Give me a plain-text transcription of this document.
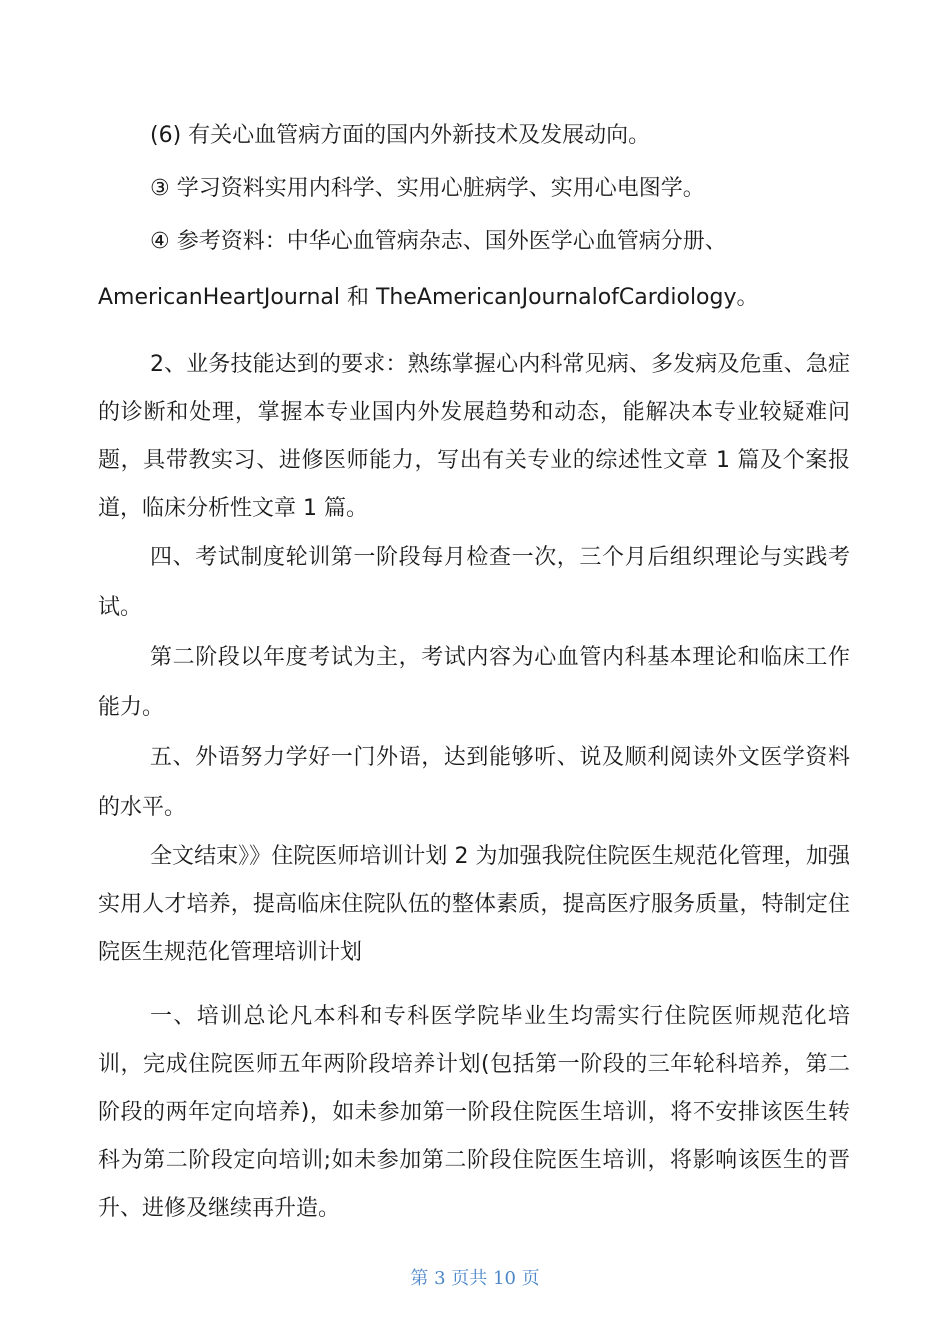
(6) 有关心血管病方面的国内外新技术及发展动向。

③ 学习资料实用内科学、实用心脏病学、实用心电图学。

④ 参考资料：中华心血管病杂志、国外医学心血管病分册、

AmericanHeartJournal 和 TheAmericanJournalofCardiology。

2、业务技能达到的要求：熟练掌握心内科常见病、多发病及危重、急症的诊断和处理，掌握本专业国内外发展趋势和动态，能解决本专业较疑难问题，具带教实习、进修医师能力，写出有关专业的综述性文章 1 篇及个案报道，临床分析性文章 1 篇。

四、考试制度轮训第一阶段每月检查一次，三个月后组织理论与实践考试。

第二阶段以年度考试为主，考试内容为心血管内科基本理论和临床工作能力。

五、外语努力学好一门外语，达到能够听、说及顺利阅读外文医学资料的水平。

全文结束》》住院医师培训计划 2 为加强我院住院医生规范化管理，加强实用人才培养，提高临床住院队伍的整体素质，提高医疗服务质量，特制定住院医生规范化管理培训计划

一、培训总论凡本科和专科医学院毕业生均需实行住院医师规范化培训，完成住院医师五年两阶段培养计划(包括第一阶段的三年轮科培养，第二阶段的两年定向培养)，如未参加第一阶段住院医生培训，将不安排该医生转科为第二阶段定向培训;如未参加第二阶段住院医生培训，将影响该医生的晋升、进修及继续再升造。

第 3 页共 10 页
